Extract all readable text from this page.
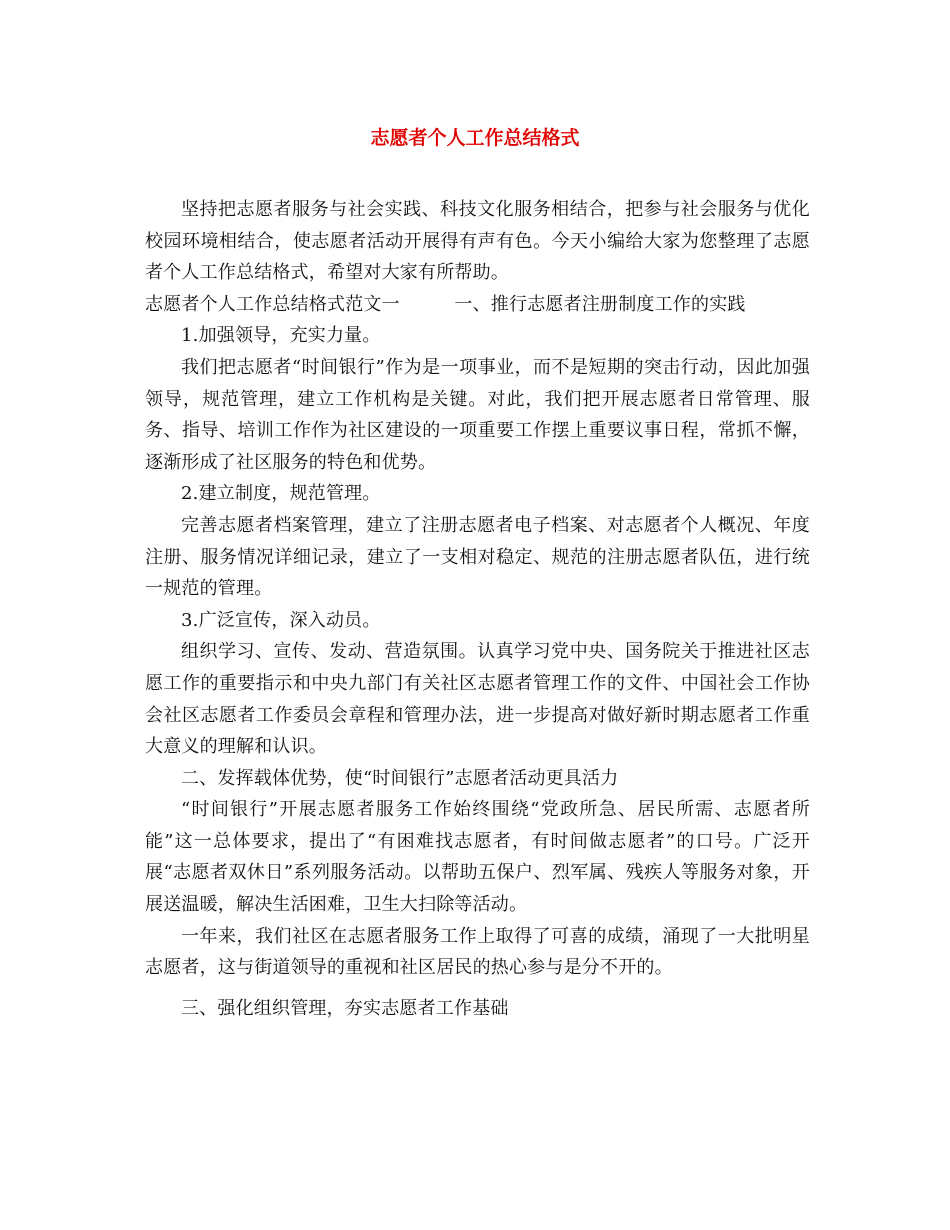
志愿者个人工作总结格式

坚持把志愿者服务与社会实践、科技文化服务相结合，把参与社会服务与优化校园环境相结合，使志愿者活动开展得有声有色。今天小编给大家为您整理了志愿者个人工作总结格式，希望对大家有所帮助。

志愿者个人工作总结格式范文一　　　一、推行志愿者注册制度工作的实践

1.加强领导，充实力量。

我们把志愿者“时间银行”作为是一项事业，而不是短期的突击行动，因此加强领导，规范管理，建立工作机构是关键。对此，我们把开展志愿者日常管理、服务、指导、培训工作作为社区建设的一项重要工作摆上重要议事日程，常抓不懈，逐渐形成了社区服务的特色和优势。

2.建立制度，规范管理。

完善志愿者档案管理，建立了注册志愿者电子档案、对志愿者个人概况、年度注册、服务情况详细记录，建立了一支相对稳定、规范的注册志愿者队伍，进行统一规范的管理。

3.广泛宣传，深入动员。

组织学习、宣传、发动、营造氛围。认真学习党中央、国务院关于推进社区志愿工作的重要指示和中央九部门有关社区志愿者管理工作的文件、中国社会工作协会社区志愿者工作委员会章程和管理办法，进一步提高对做好新时期志愿者工作重大意义的理解和认识。

二、发挥载体优势，使“时间银行”志愿者活动更具活力

“时间银行”开展志愿者服务工作始终围绕“党政所急、居民所需、志愿者所能”这一总体要求，提出了“有困难找志愿者，有时间做志愿者”的口号。广泛开展“志愿者双休日”系列服务活动。以帮助五保户、烈军属、残疾人等服务对象，开展送温暖，解决生活困难，卫生大扫除等活动。

一年来，我们社区在志愿者服务工作上取得了可喜的成绩，涌现了一大批明星志愿者，这与街道领导的重视和社区居民的热心参与是分不开的。

三、强化组织管理，夯实志愿者工作基础
